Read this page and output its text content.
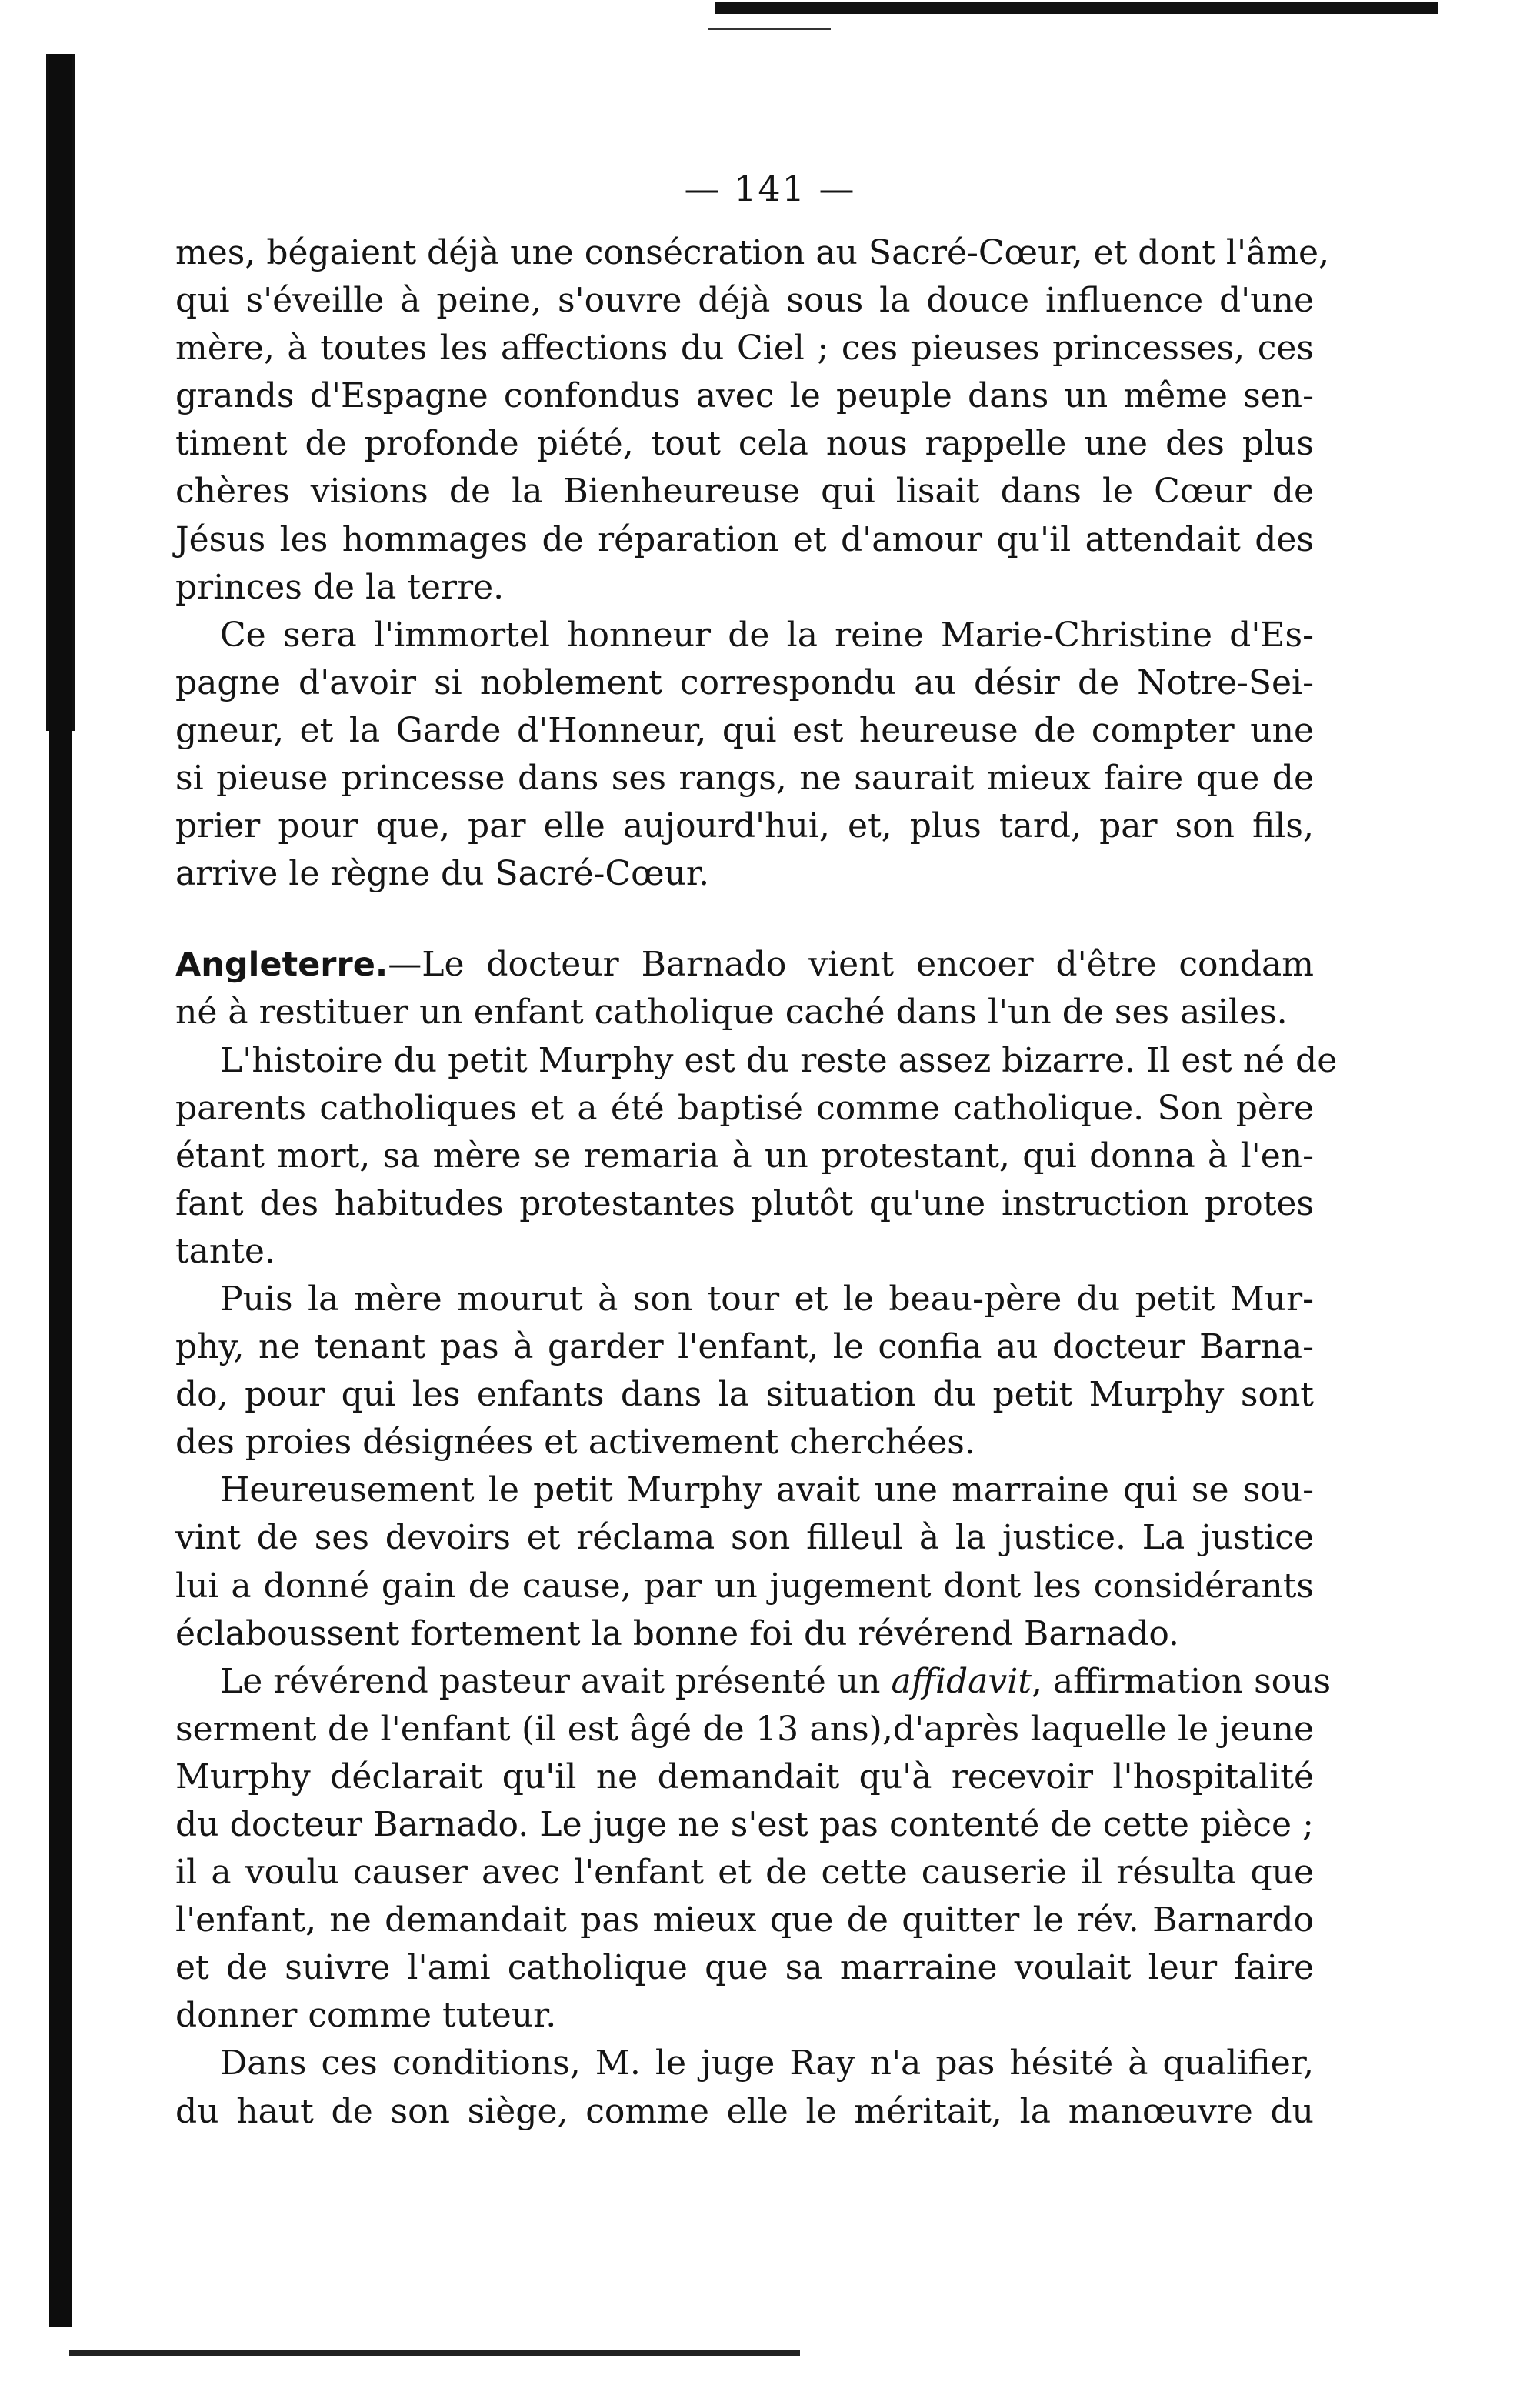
— 141 —
mes, bégaient déjà une consécration au Sacré-Cœur, et dont l'âme,
qui s'éveille à peine, s'ouvre déjà sous la douce influence d'une
mère, à toutes les affections du Ciel ; ces pieuses princesses, ces
grands d'Espagne confondus avec le peuple dans un même sen-
timent de profonde piété, tout cela nous rappelle une des plus
chères visions de la Bienheureuse qui lisait dans le Cœur de
Jésus les hommages de réparation et d'amour qu'il attendait des
princes de la terre.
Ce sera l'immortel honneur de la reine Marie-Christine d'Es-
pagne d'avoir si noblement correspondu au désir de Notre-Sei-
gneur, et la Garde d'Honneur, qui est heureuse de compter une
si pieuse princesse dans ses rangs, ne saurait mieux faire que de
prier pour que, par elle aujourd'hui, et, plus tard, par son fils,
arrive le règne du Sacré-Cœur.
Angleterre.—Le docteur Barnado vient encoer d'être condam
né à restituer un enfant catholique caché dans l'un de ses asiles.
L'histoire du petit Murphy est du reste assez bizarre. Il est né de
parents catholiques et a été baptisé comme catholique. Son père
étant mort, sa mère se remaria à un protestant, qui donna à l'en-
fant des habitudes protestantes plutôt qu'une instruction protes
tante.
Puis la mère mourut à son tour et le beau-père du petit Mur-
phy, ne tenant pas à garder l'enfant, le confia au docteur Barna-
do, pour qui les enfants dans la situation du petit Murphy sont
des proies désignées et activement cherchées.
Heureusement le petit Murphy avait une marraine qui se sou-
vint de ses devoirs et réclama son filleul à la justice. La justice
lui a donné gain de cause, par un jugement dont les considérants
éclaboussent fortement la bonne foi du révérend Barnado.
Le révérend pasteur avait présenté un affidavit, affirmation sous
serment de l'enfant (il est âgé de 13 ans),d'après laquelle le jeune
Murphy déclarait qu'il ne demandait qu'à recevoir l'hospitalité
du docteur Barnado. Le juge ne s'est pas contenté de cette pièce ;
il a voulu causer avec l'enfant et de cette causerie il résulta que
l'enfant, ne demandait pas mieux que de quitter le rév. Barnardo
et de suivre l'ami catholique que sa marraine voulait leur faire
donner comme tuteur.
Dans ces conditions, M. le juge Ray n'a pas hésité à qualifier,
du haut de son siège, comme elle le méritait, la manœuvre du
